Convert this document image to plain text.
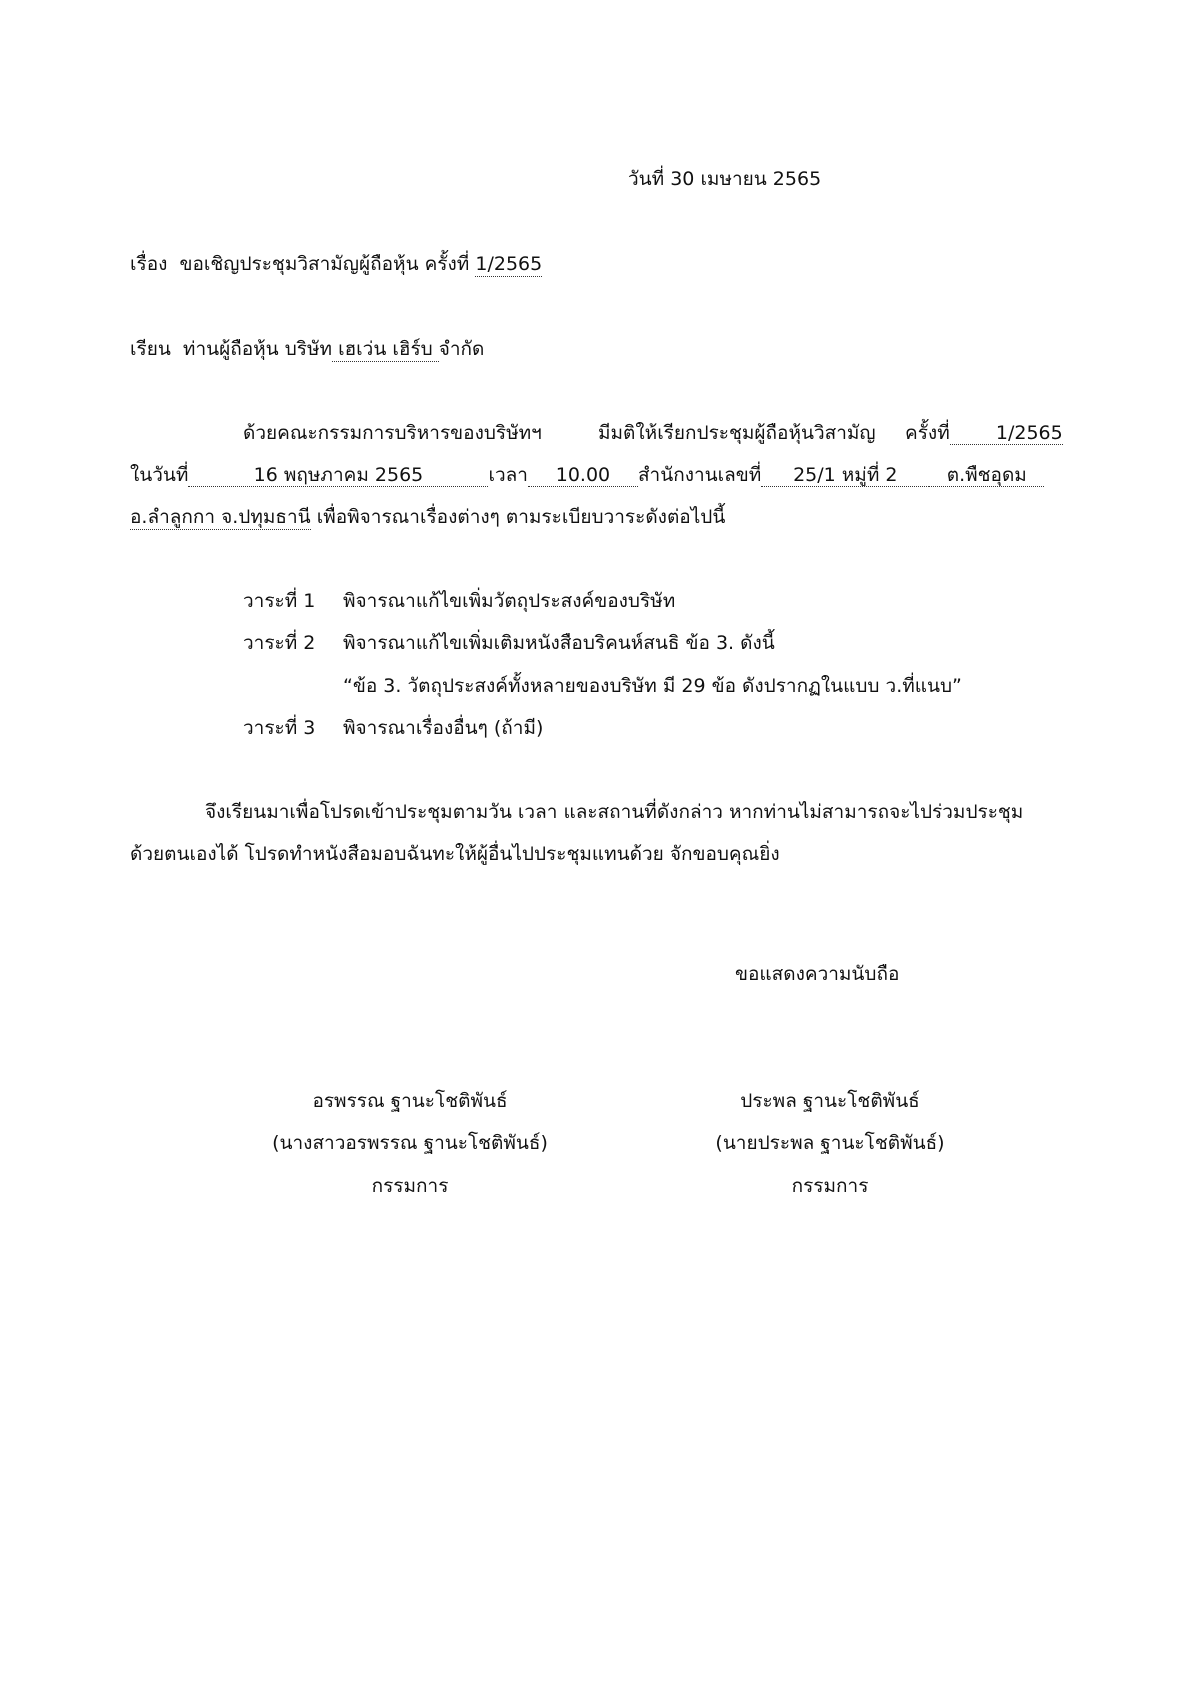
วันที่ 30 เมษายน 2565
เรื่อง ขอเชิญประชุมวิสามัญผู้ถือหุ้น ครั้งที่ 1/2565
เรียน ท่านผู้ถือหุ้น บริษัท เฮเว่น เฮิร์บ จำกัด
ด้วยคณะกรรมการบริหารของบริษัทฯ	มีมติให้เรียกประชุมผู้ถือหุ้นวิสามัญ ครั้งที่ 1/2565
ในวันที่	16 พฤษภาคม 2565	เวลา 10.00 สำนักงานเลขที่ 25/1 หมู่ที่ 2	ต.พืชอุดม
อ.ลำลูกกา จ.ปทุมธานี เพื่อพิจารณาเรื่องต่างๆ ตามระเบียบวาระดังต่อไปนี้
วาระที่ 1 พิจารณาแก้ไขเพิ่มวัตถุประสงค์ของบริษัท
วาระที่ 2 พิจารณาแก้ไขเพิ่มเติมหนังสือบริคนห์สนธิ ข้อ 3. ดังนี้
“ข้อ 3. วัตถุประสงค์ทั้งหลายของบริษัท มี 29 ข้อ ดังปรากฏในแบบ ว.ที่แนบ”
วาระที่ 3 พิจารณาเรื่องอื่นๆ (ถ้ามี)
จึงเรียนมาเพื่อโปรดเข้าประชุมตามวัน เวลา และสถานที่ดังกล่าว หากท่านไม่สามารถจะไปร่วมประชุม
ด้วยตนเองได้ โปรดทำหนังสือมอบฉันทะให้ผู้อื่นไปประชุมแทนด้วย จักขอบคุณยิ่ง
ขอแสดงความนับถือ
อรพรรณ ฐานะโชติพันธ์
(นางสาวอรพรรณ ฐานะโชติพันธ์)
กรรมการ
ประพล ฐานะโชติพันธ์
(นายประพล ฐานะโชติพันธ์)
กรรมการ
